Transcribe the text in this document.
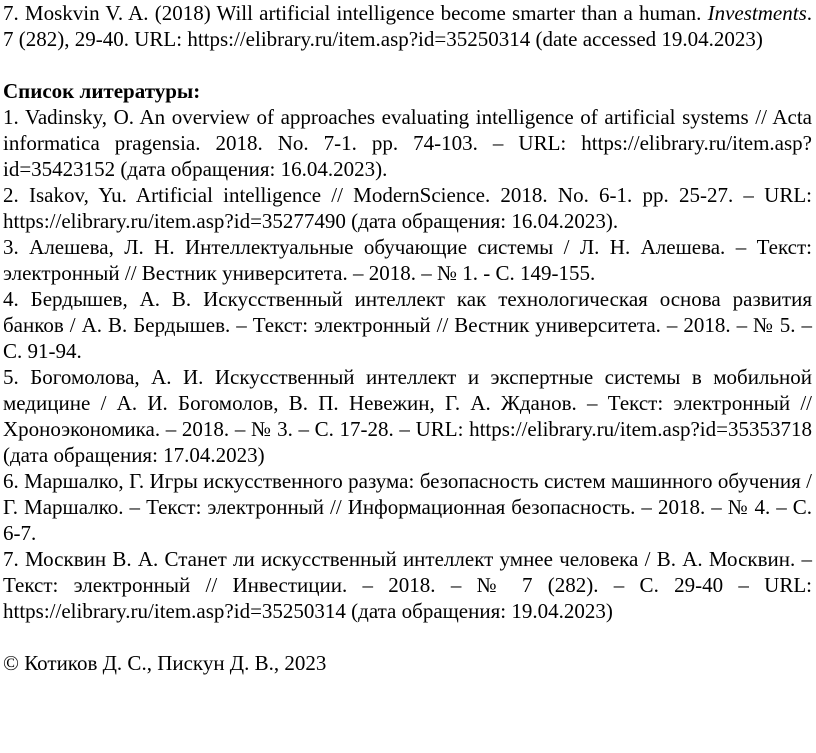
7. Moskvin V. A. (2018) Will artificial intelligence become smarter than a human. Investments. 7 (282), 29-40. URL: https://elibrary.ru/item.asp?id=35250314 (date accessed 19.04.2023)

Список литературы:

1. Vadinsky, O. An overview of approaches evaluating intelligence of artificial systems // Acta informatica pragensia. 2018. No. 7-1. pp. 74-103. – URL: https://elibrary.ru/item.asp?id=35423152 (дата обращения: 16.04.2023).

2. Isakov, Yu. Artificial intelligence // ModernScience. 2018. No. 6-1. pp. 25-27. – URL: https://elibrary.ru/item.asp?id=35277490 (дата обращения: 16.04.2023).

3. Алешева, Л. Н. Интеллектуальные обучающие системы / Л. Н. Алешева. – Текст: электронный // Вестник университета. – 2018. – № 1. - С. 149-155.

4. Бердышев, А. В. Искусственный интеллект как технологическая основа развития банков / А. В. Бердышев. – Текст: электронный // Вестник университета. – 2018. – № 5. – С. 91-94.

5. Богомолова, А. И. Искусственный интеллект и экспертные системы в мобильной медицине / А. И. Богомолов, В. П. Невежин, Г. А. Жданов. – Текст: электронный // Хроноэкономика. – 2018. – № 3. – С. 17-28. – URL: https://elibrary.ru/item.asp?id=35353718 (дата обращения: 17.04.2023)

6. Маршалко, Г. Игры искусственного разума: безопасность систем машинного обучения / Г. Маршалко. – Текст: электронный // Информационная безопасность. – 2018. – № 4. – С. 6-7.

7. Москвин В. А. Станет ли искусственный интеллект умнее человека / В. А. Москвин. – Текст: электронный // Инвестиции. – 2018. – № 7 (282). – С. 29-40 – URL: https://elibrary.ru/item.asp?id=35250314 (дата обращения: 19.04.2023)

© Котиков Д. С., Пискун Д. В., 2023
